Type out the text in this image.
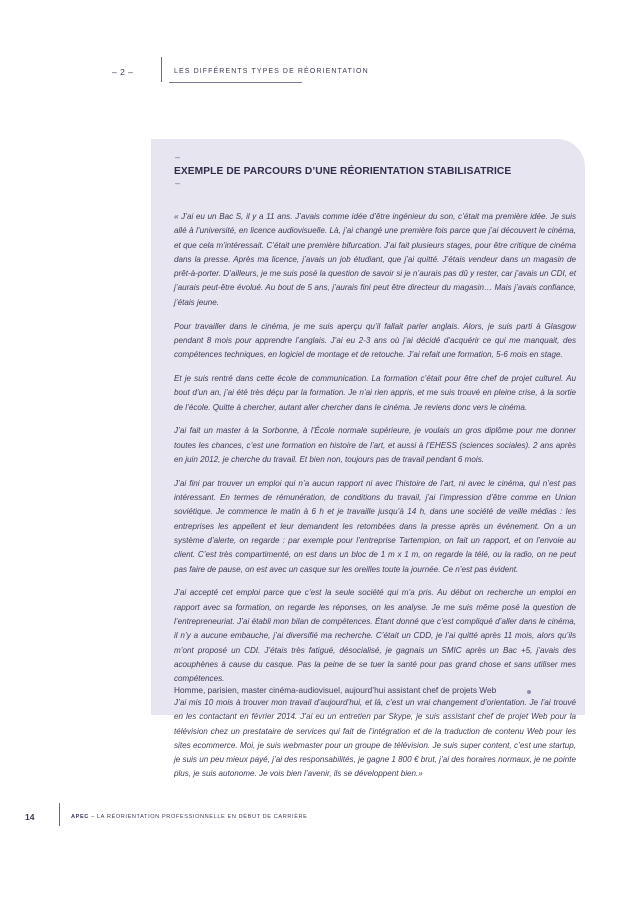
– 2 –	LES DIFFÉRENTS TYPES DE RÉORIENTATION
–
EXEMPLE DE PARCOURS D’UNE RÉORIENTATION STABILISATRICE
–

« J’ai eu un Bac S, il y a 11 ans. J’avais comme idée d’être ingénieur du son, c’était ma première idée. Je suis allé à l’université, en licence audiovisuelle. Là, j’ai changé une première fois parce que j’ai découvert le cinéma, et que cela m’intéressait. C’était une première bifurcation. J’ai fait plusieurs stages, pour être critique de cinéma dans la presse. Après ma licence, j’avais un job étudiant, que j’ai quitté. J’étais vendeur dans un magasin de prêt-à-porter. D’ailleurs, je me suis posé la question de savoir si je n’aurais pas dû y rester, car j’avais un CDI, et j’aurais peut-être évolué. Au bout de 5 ans, j’aurais fini peut être directeur du magasin… Mais j’avais confiance, j’étais jeune.

Pour travailler dans le cinéma, je me suis aperçu qu’il fallait parler anglais. Alors, je suis parti à Glasgow pendant 8 mois pour apprendre l’anglais. J’ai eu 2-3 ans où j’ai décidé d’acquérir ce qui me manquait, des compétences techniques, en logiciel de montage et de retouche. J’ai refait une formation, 5-6 mois en stage.

Et je suis rentré dans cette école de communication. La formation c’était pour être chef de projet culturel. Au bout d’un an, j’ai été très déçu par la formation. Je n’ai rien appris, et me suis trouvé en pleine crise, à la sortie de l’école. Quitte à chercher, autant aller chercher dans le cinéma. Je reviens donc vers le cinéma.

J’ai fait un master à la Sorbonne, à l’École normale supérieure, je voulais un gros diplôme pour me donner toutes les chances, c’est une formation en histoire de l’art, et aussi à l’EHESS (sciences sociales). 2 ans après en juin 2012, je cherche du travail. Et bien non, toujours pas de travail pendant 6 mois.

J’ai fini par trouver un emploi qui n’a aucun rapport ni avec l’histoire de l’art, ni avec le cinéma, qui n’est pas intéressant. En termes de rémunération, de conditions du travail, j’ai l’impression d’être comme en Union soviétique. Je commence le matin à 6 h et je travaille jusqu’à 14 h, dans une société de veille médias : les entreprises les appellent et leur demandent les retombées dans la presse après un événement. On a un système d’alerte, on regarde : par exemple pour l’entreprise Tartempion, on fait un rapport, et on l’envoie au client. C’est très compartimenté, on est dans un bloc de 1 m x 1 m, on regarde la télé, ou la radio, on ne peut pas faire de pause, on est avec un casque sur les oreilles toute la journée. Ce n’est pas évident.

J’ai accepté cet emploi parce que c’est la seule société qui m’a pris. Au début on recherche un emploi en rapport avec sa formation, on regarde les réponses, on les analyse. Je me suis même posé la question de l’entrepreneuriat. J’ai établi mon bilan de compétences. Étant donné que c’est compliqué d’aller dans le cinéma, il n’y a aucune embauche, j’ai diversifié ma recherche. C’était un CDD, je l’ai quitté après 11 mois, alors qu’ils m’ont proposé un CDI. J’étais très fatigué, désocialisé, je gagnais un SMIC après un Bac +5, j’avais des acouphènes à cause du casque. Pas la peine de se tuer la santé pour pas grand chose et sans utiliser mes compétences.

J’ai mis 10 mois à trouver mon travail d’aujourd’hui, et là, c’est un vrai changement d’orientation. Je l’ai trouvé en les contactant en février 2014. J’ai eu un entretien par Skype, je suis assistant chef de projet Web pour la télévision chez un prestataire de services qui fait de l’intégration et de la traduction de contenu Web pour les sites ecommerce. Moi, je suis webmaster pour un groupe de télévision. Je suis super content, c’est une startup, je suis un peu mieux payé, j’ai des responsabilités, je gagne 1 800 € brut, j’ai des horaires normaux, je ne pointe plus, je suis autonome. Je vois bien l’avenir, ils se développent bien.»

Homme, parisien, master cinéma-audiovisuel, aujourd’hui assistant chef de projets Web
14	APEC – LA RÉORIENTATION PROFESSIONNELLE EN DÉBUT DE CARRIÈRE
